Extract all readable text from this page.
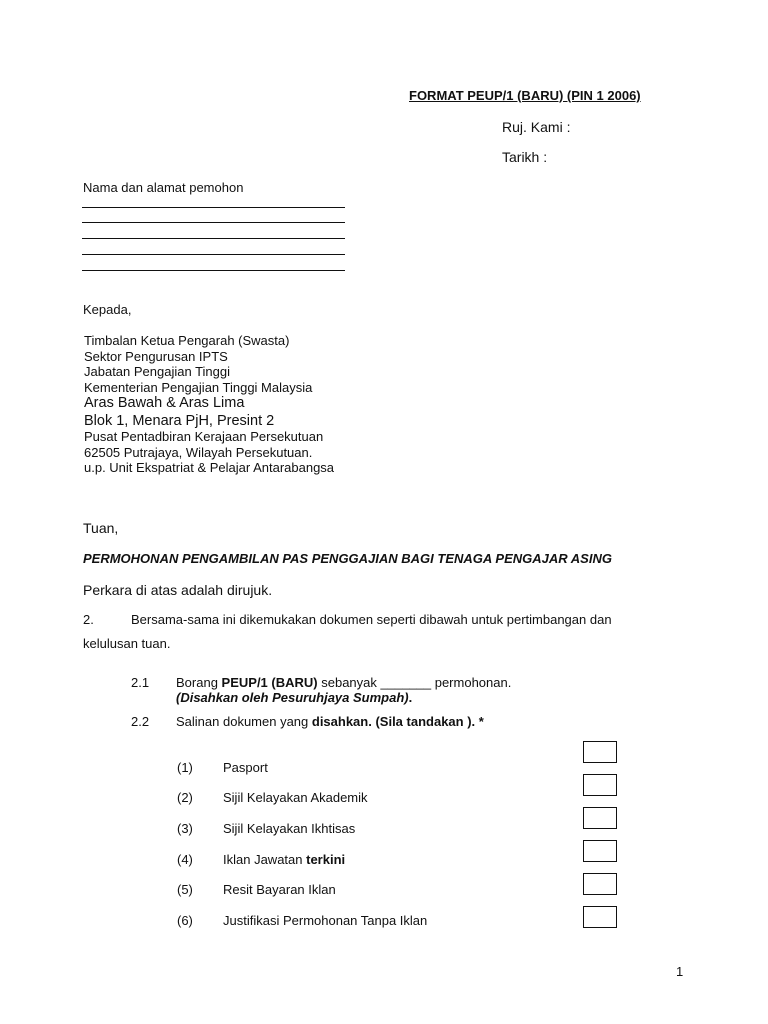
FORMAT PEUP/1 (BARU) (PIN 1 2006)
Ruj. Kami :
Tarikh :
Nama dan alamat pemohon
Kepada,
Timbalan Ketua Pengarah (Swasta)
Sektor Pengurusan IPTS
Jabatan Pengajian Tinggi
Kementerian Pengajian Tinggi Malaysia
Aras Bawah & Aras Lima
Blok 1, Menara PjH, Presint 2
Pusat Pentadbiran Kerajaan Persekutuan
62505 Putrajaya, Wilayah Persekutuan.
u.p. Unit Ekspatriat & Pelajar Antarabangsa
Tuan,
PERMOHONAN PENGAMBILAN PAS PENGGAJIAN BAGI TENAGA PENGAJAR ASING
Perkara di atas adalah dirujuk.
2.	Bersama-sama ini dikemukakan dokumen seperti dibawah untuk pertimbangan dan
kelulusan tuan.
2.1 Borang PEUP/1 (BARU) sebanyak _______ permohonan.
(Disahkan oleh Pesuruhjaya Sumpah).
2.2 Salinan dokumen yang disahkan. (Sila tandakan ). *
(1) Pasport
(2) Sijil Kelayakan Akademik
(3) Sijil Kelayakan Ikhtisas
(4) Iklan Jawatan terkini
(5) Resit Bayaran Iklan
(6) Justifikasi Permohonan Tanpa Iklan
1
